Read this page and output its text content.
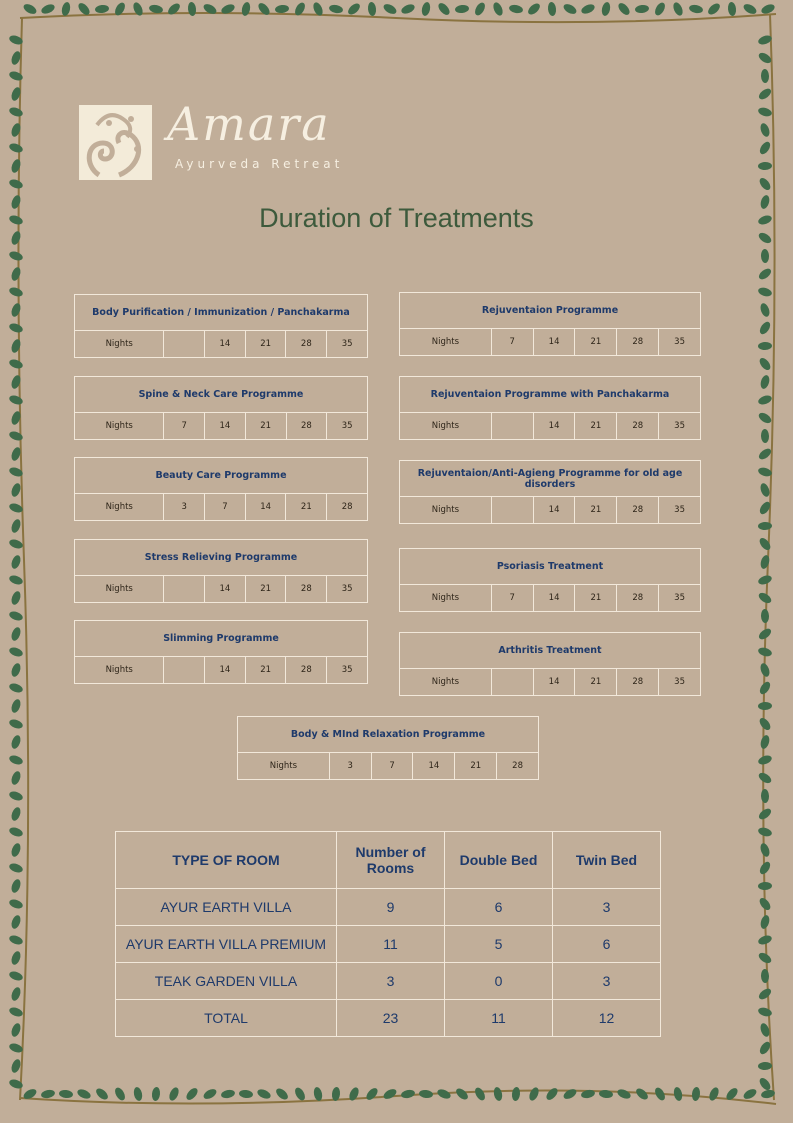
Amara
Ayurveda Retreat
Duration of Treatments
Body Purification / Immunization / Panchakarma
Nights		14	21	28	35
Spine & Neck Care Programme
Nights	7	14	21	28	35
Beauty Care Programme
Nights	3	7	14	21	28
Stress Relieving Programme
Nights		14	21	28	35
Slimming Programme
Nights		14	21	28	35
Rejuventaion Programme
Nights	7	14	21	28	35
Rejuventaion Programme with Panchakarma
Nights		14	21	28	35
Rejuventaion/Anti-Agieng Programme for old age disorders
Nights		14	21	28	35
Psoriasis Treatment
Nights	7	14	21	28	35
Arthritis Treatment
Nights		14	21	28	35
Body & MInd Relaxation Programme
Nights	3	7	14	21	28
TYPE OF ROOM	Number of Rooms	Double Bed	Twin Bed
AYUR EARTH VILLA	9	6	3
AYUR EARTH VILLA PREMIUM	11	5	6
TEAK GARDEN VILLA	3	0	3
TOTAL	23	11	12
